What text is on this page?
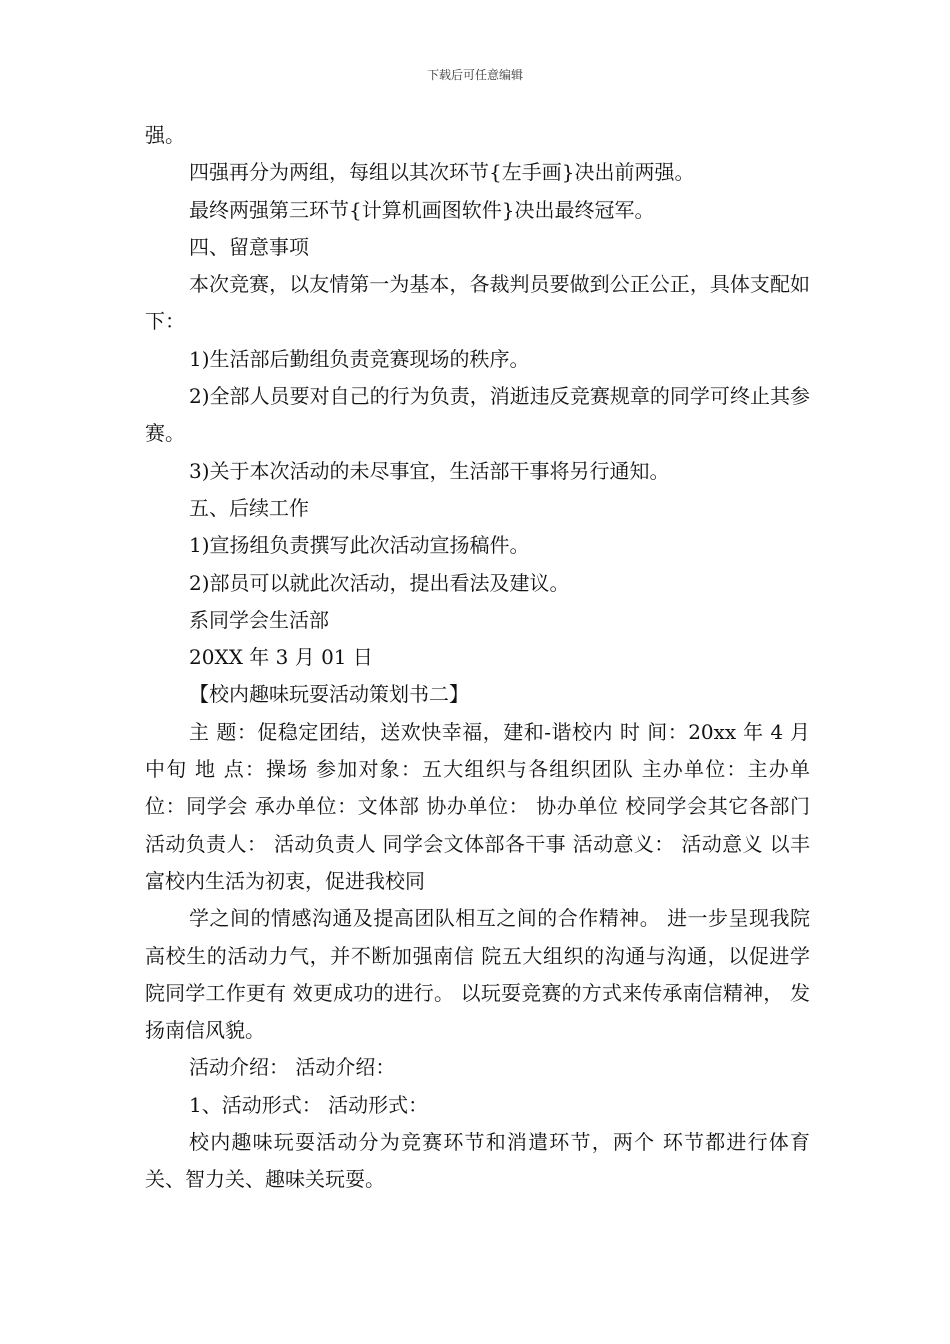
下载后可任意编辑

强。

四强再分为两组，每组以其次环节{左手画}决出前两强。

最终两强第三环节{计算机画图软件}决出最终冠军。

四、留意事项

本次竞赛，以友情第一为基本，各裁判员要做到公正公正，具体支配如下：

1)生活部后勤组负责竞赛现场的秩序。

2)全部人员要对自己的行为负责，消逝违反竞赛规章的同学可终止其参赛。

3)关于本次活动的未尽事宜，生活部干事将另行通知。

五、后续工作

1)宣扬组负责撰写此次活动宣扬稿件。

2)部员可以就此次活动，提出看法及建议。

系同学会生活部

20XX 年 3 月 01 日

【校内趣味玩耍活动策划书二】

主 题：促稳定团结，送欢快幸福，建和-谐校内 时 间：20xx 年 4 月中旬 地 点：操场 参加对象：五大组织与各组织团队 主办单位：主办单位：同学会 承办单位：文体部 协办单位： 协办单位 校同学会其它各部门 活动负责人： 活动负责人 同学会文体部各干事 活动意义： 活动意义 以丰富校内生活为初衷，促进我校同

学之间的情感沟通及提高团队相互之间的合作精神。 进一步呈现我院高校生的活动力气，并不断加强南信 院五大组织的沟通与沟通，以促进学院同学工作更有 效更成功的进行。 以玩耍竞赛的方式来传承南信精神， 发扬南信风貌。

活动介绍： 活动介绍：

1、活动形式： 活动形式：

校内趣味玩耍活动分为竞赛环节和消遣环节，两个 环节都进行体育关、智力关、趣味关玩耍。
